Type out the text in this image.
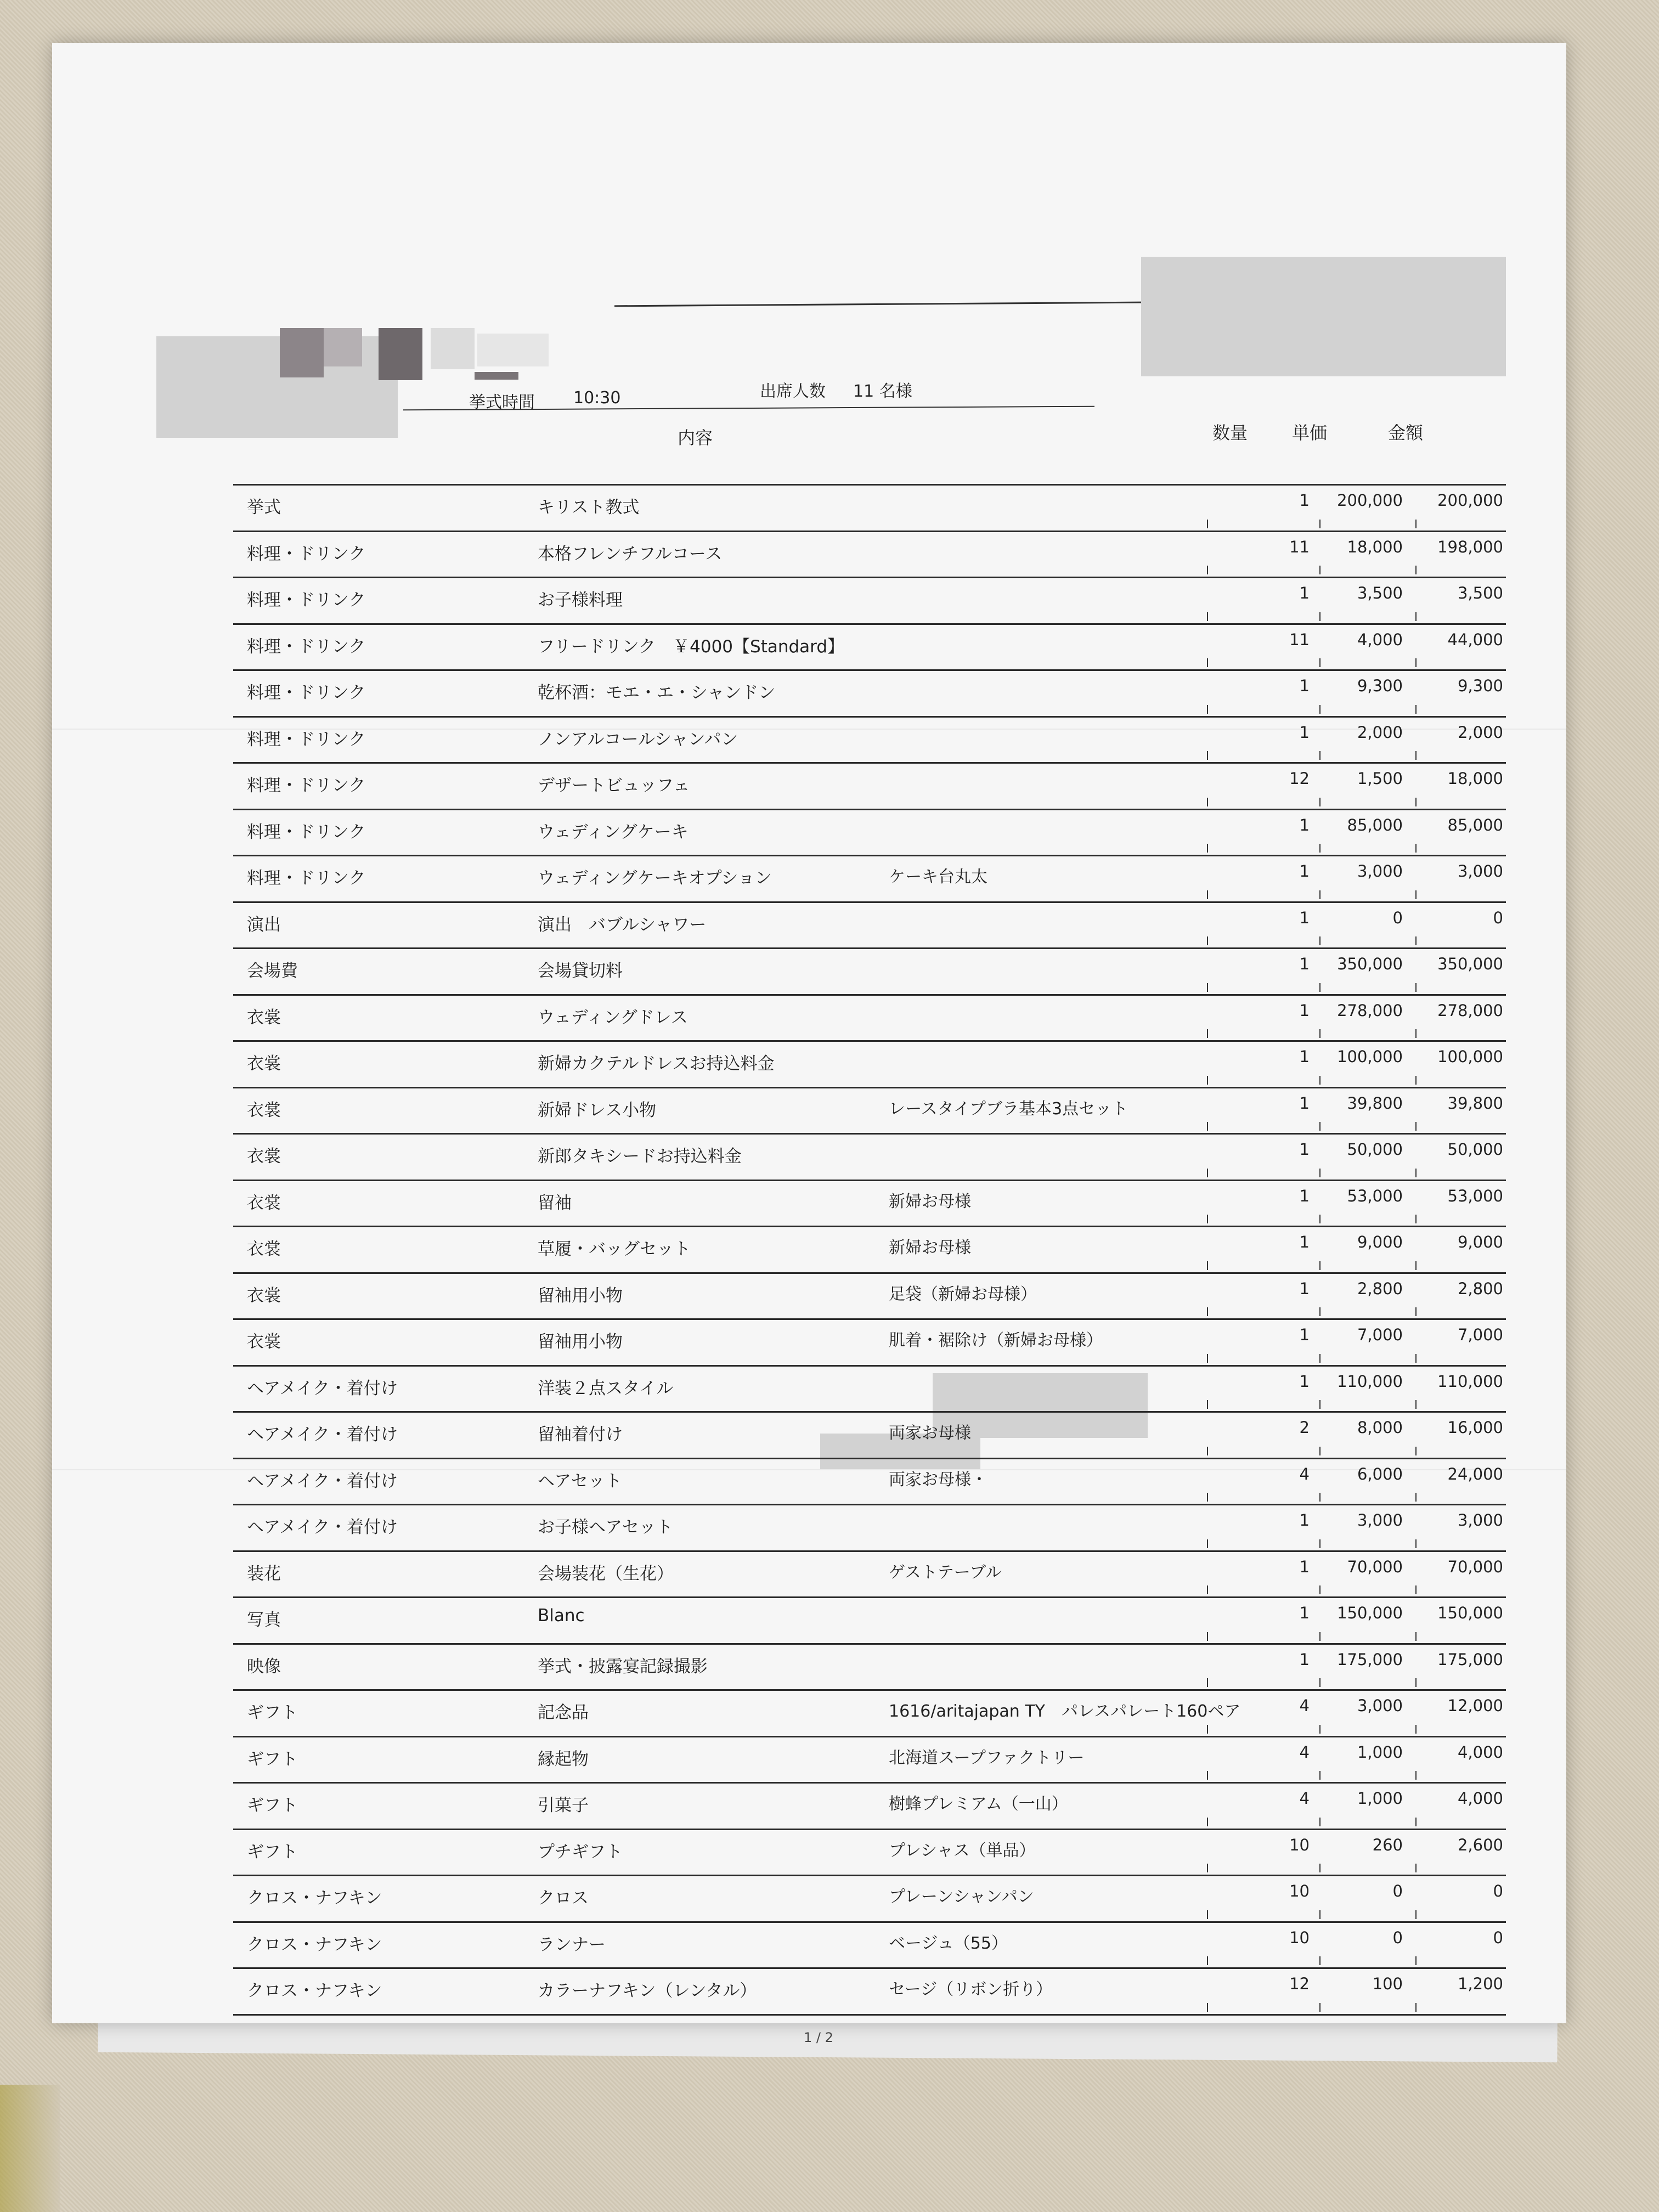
挙式時間 10:30	出席人数 11 名様
内容	数量	単価	金額
挙式	キリスト教式	1 200,000 200,000
料理・ドリンク	本格フレンチフルコース	11 18,000 198,000
料理・ドリンク	お子様料理	1	3,500	3,500
料理・ドリンク	フリードリンク　￥4000【Standard】	11	4,000	44,000
料理・ドリンク	乾杯酒：モエ・エ・シャンドン	1	9,300	9,300
料理・ドリンク	ノンアルコールシャンパン	1	2,000	2,000
料理・ドリンク	デザートビュッフェ	12	1,500	18,000
料理・ドリンク	ウェディングケーキ	1 85,000	85,000
料理・ドリンク	ウェディングケーキオプション	ケーキ台丸太	1	3,000	3,000
演出	演出　バブルシャワー	1	0	0
会場費	会場貸切料	1 350,000 350,000
衣裳	ウェディングドレス	1 278,000 278,000
衣裳	新婦カクテルドレスお持込料金	1 100,000 100,000
衣裳	新婦ドレス小物	レースタイプブラ基本3点セット	1 39,800	39,800
衣裳	新郎タキシードお持込料金	1 50,000	50,000
衣裳	留袖	新婦お母様	1 53,000	53,000
衣裳	草履・バッグセット	新婦お母様	1	9,000	9,000
衣裳	留袖用小物	足袋（新婦お母様）	1	2,800	2,800
衣裳	留袖用小物	肌着・裾除け（新婦お母様）	1	7,000	7,000
ヘアメイク・着付け	洋装２点スタイル	1 110,000 110,000
ヘアメイク・着付け	留袖着付け	両家お母様	2	8,000	16,000
ヘアメイク・着付け	ヘアセット	両家お母様・	4	6,000	24,000
ヘアメイク・着付け	お子様ヘアセット	1	3,000	3,000
装花	会場装花（生花）	ゲストテーブル	1 70,000	70,000
写真	Blanc	1 150,000 150,000
映像	挙式・披露宴記録撮影	1 175,000 175,000
ギフト	記念品	1616/aritajapan TY　パレスパレート160ペア	4	3,000	12,000
ギフト	縁起物	北海道スープファクトリー	4	1,000	4,000
ギフト	引菓子	樹蜂プレミアム（一山）	4	1,000	4,000
ギフト	プチギフト	プレシャス（単品）	10	260	2,600
クロス・ナフキン	クロス	プレーンシャンパン	10	0	0
クロス・ナフキン	ランナー	ベージュ（55）	10	0	0
クロス・ナフキン	カラーナフキン（レンタル）	セージ（リボン折り）	12	100	1,200
1 / 2
